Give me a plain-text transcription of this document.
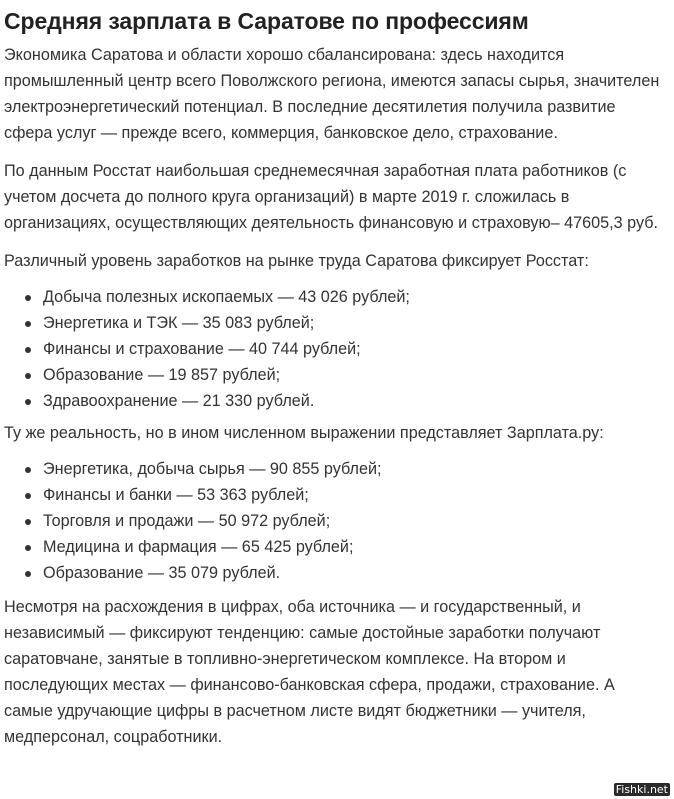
Средняя зарплата в Саратове по профессиям

Экономика Саратова и области хорошо сбалансирована: здесь находится промышленный центр всего Поволжского региона, имеются запасы сырья, значителен электроэнергетический потенциал. В последние десятилетия получила развитие сфера услуг — прежде всего, коммерция, банковское дело, страхование.

По данным Росстат наибольшая среднемесячная заработная плата работников (с учетом досчета до полного круга организаций) в марте 2019 г. сложилась в организациях, осуществляющих деятельность финансовую и страховую– 47605,3 руб.

Различный уровень заработков на рынке труда Саратова фиксирует Росстат:

Добыча полезных ископаемых — 43 026 рублей;
Энергетика и ТЭК — 35 083 рублей;
Финансы и страхование — 40 744 рублей;
Образование — 19 857 рублей;
Здравоохранение — 21 330 рублей.

Ту же реальность, но в ином численном выражении представляет Зарплата.ру:

Энергетика, добыча сырья — 90 855 рублей;
Финансы и банки — 53 363 рублей;
Торговля и продажи — 50 972 рублей;
Медицина и фармация — 65 425 рублей;
Образование — 35 079 рублей.

Несмотря на расхождения в цифрах, оба источника — и государственный, и независимый — фиксируют тенденцию: самые достойные заработки получают саратовчане, занятые в топливно-энергетическом комплексе. На втором и последующих местах — финансово-банковская сфера, продажи, страхование. А самые удручающие цифры в расчетном листе видят бюджетники — учителя, медперсонал, соцработники.

Fishki.net
